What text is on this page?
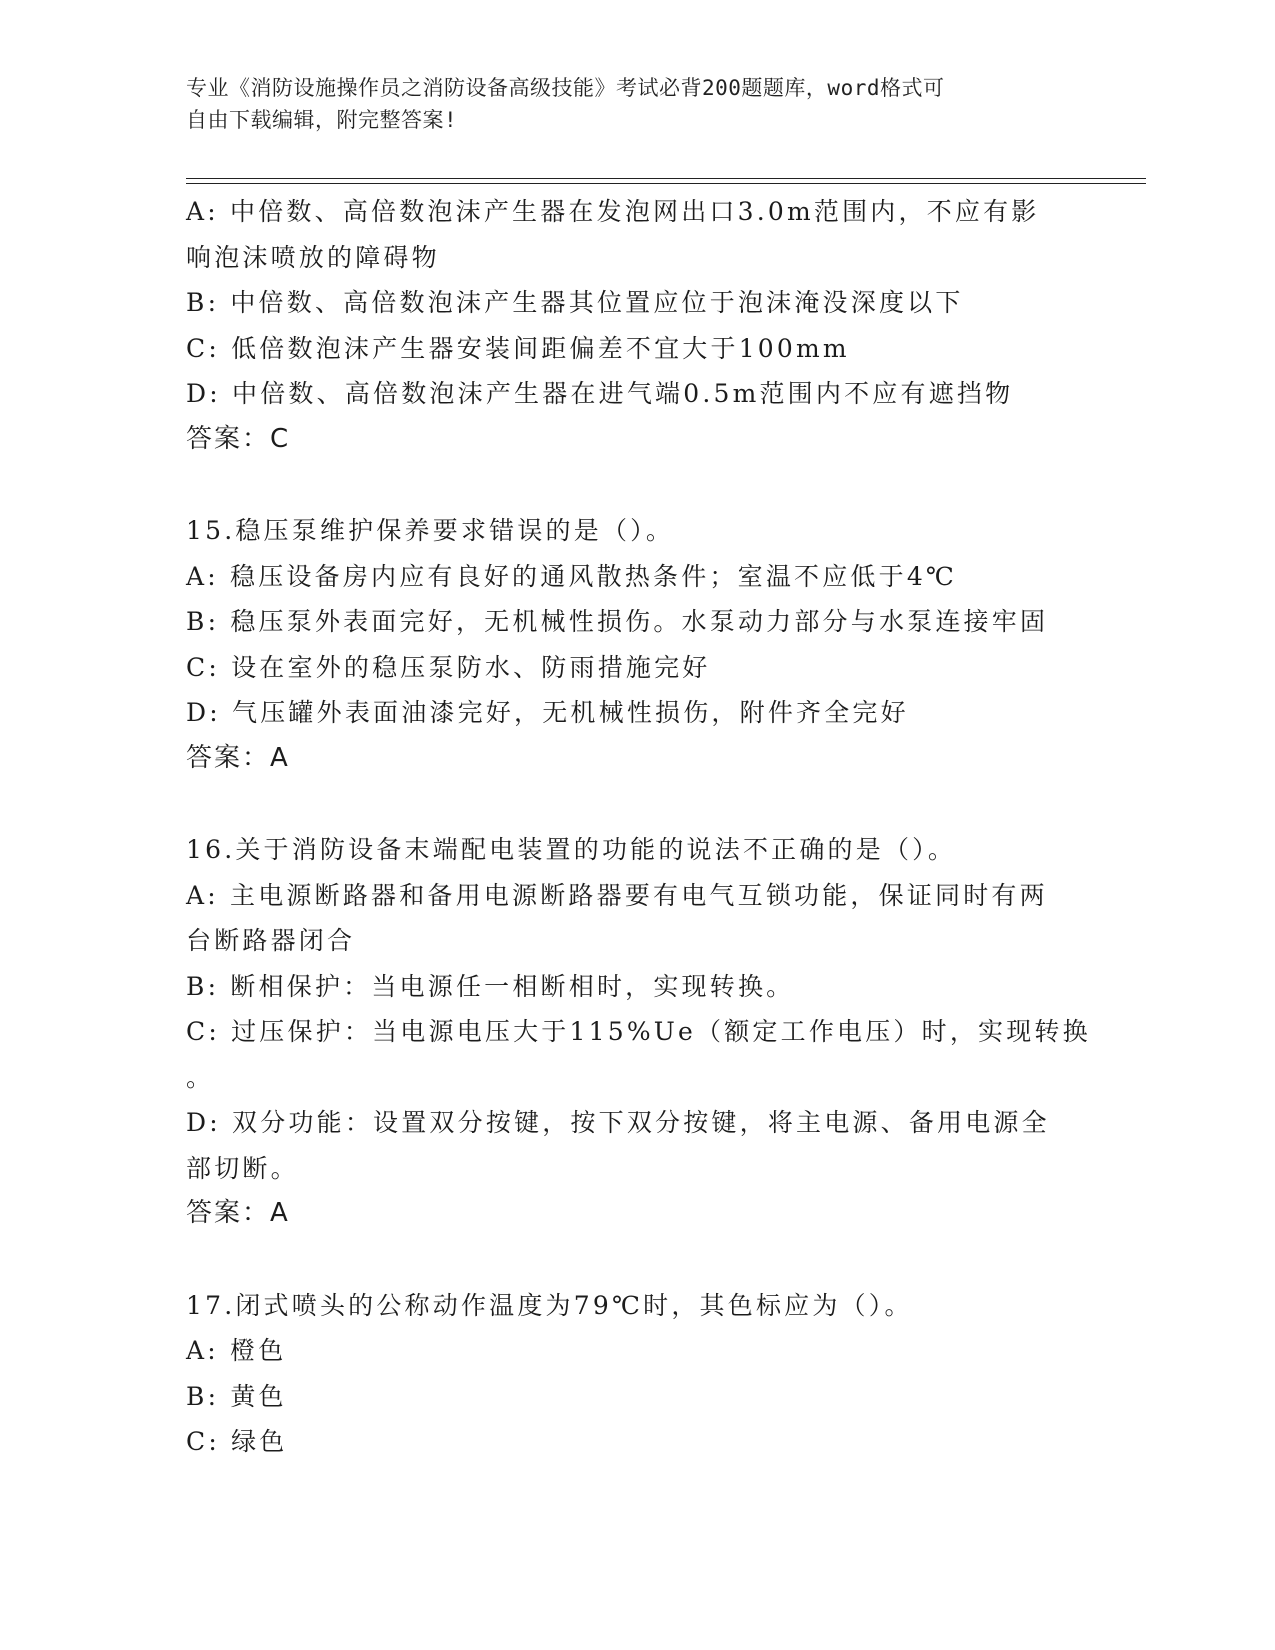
专业《消防设施操作员之消防设备高级技能》考试必背200题题库，word格式可
自由下载编辑，附完整答案!
A: 中倍数、高倍数泡沫产生器在发泡网出口3.0m范围内，不应有影
响泡沫喷放的障碍物
B: 中倍数、高倍数泡沫产生器其位置应位于泡沫淹没深度以下
C: 低倍数泡沫产生器安装间距偏差不宜大于100mm
D: 中倍数、高倍数泡沫产生器在进气端0.5m范围内不应有遮挡物
答案：C
15.稳压泵维护保养要求错误的是（）。
A: 稳压设备房内应有良好的通风散热条件；室温不应低于4℃
B: 稳压泵外表面完好，无机械性损伤。水泵动力部分与水泵连接牢固
C: 设在室外的稳压泵防水、防雨措施完好
D: 气压罐外表面油漆完好，无机械性损伤，附件齐全完好
答案：A
16.关于消防设备末端配电装置的功能的说法不正确的是（）。
A: 主电源断路器和备用电源断路器要有电气互锁功能，保证同时有两
台断路器闭合
B: 断相保护：当电源任一相断相时，实现转换。
C: 过压保护：当电源电压大于115%Ue（额定工作电压）时，实现转换
。
D: 双分功能：设置双分按键，按下双分按键，将主电源、备用电源全
部切断。
答案：A
17.闭式喷头的公称动作温度为79℃时，其色标应为（）。
A: 橙色
B: 黄色
C: 绿色
